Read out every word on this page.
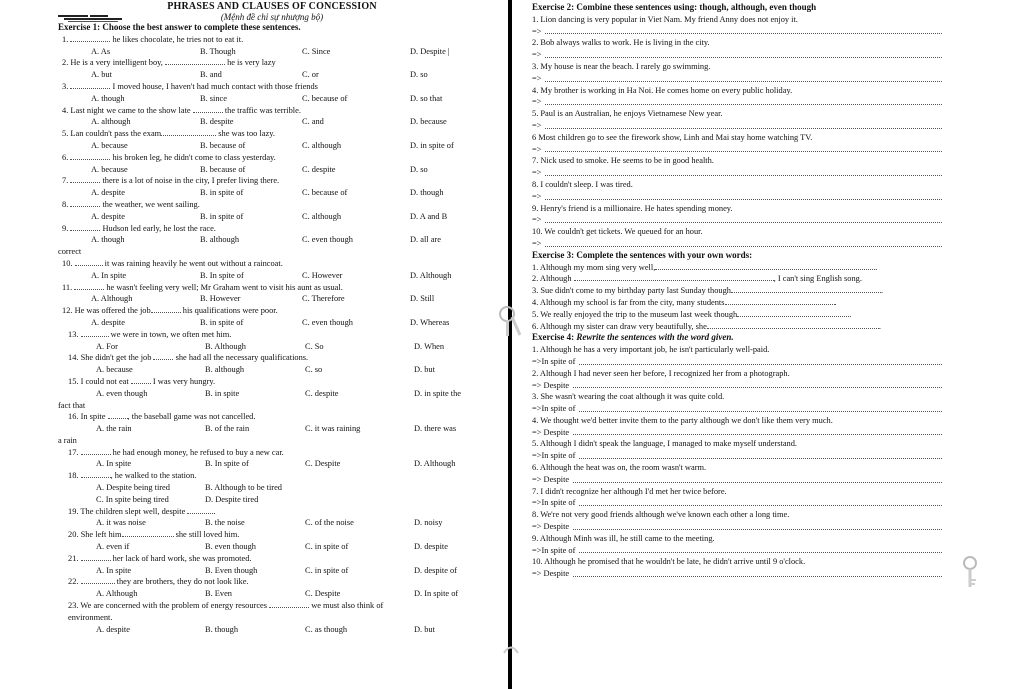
PHRASES AND CLAUSES OF CONCESSION
(Mệnh đề chỉ sự nhượng bộ)
Exercise 1: Choose the best answer to complete these sentences.
1.	he likes chocolate, he tries not to eat it.
A. As	B. Though	C. Since	D. Despite |
2. He is a very intelligent boy,	he is very lazy
A. but	B. and	C. or	D. so
3.	I moved house, I haven't had much contact with those friends
A. though	B. since	C. because of	D. so that
4. Last night we came to the show late	the traffic was terrible.
A. although	B. despite	C. and	D. because
5. Lan couldn't pass the exam	she was too lazy.
A. because	B. because of	C. although	D. in spite of
6.	his broken leg, he didn't come to class yesterday.
A. because	B. because of	C. despite	D. so
7.	there is a lot of noise in the city, I prefer living there.
A. despite	B. in spite of	C. because of	D. though
8.	the weather, we went sailing.
A. despite	B. in spite of	C. although	D. A and B
9.	Hudson led early, he lost the race.
A. though	B. although	C. even though	D. all are
correct
10.	it was raining heavily he went out without a raincoat.
A. In spite	B. In spite of	C. However	D. Although
11.	he wasn't feeling very well; Mr Graham went to visit his aunt as usual.
A. Although	B. However	C. Therefore	D. Still
12. He was offered the job	his qualifications were poor.
A. despite	B. in spite of	C. even though	D. Whereas
13.	we were in town, we often met him.
A. For	B. Although	C. So	D. When
14. She didn't get the job  she had all the necessary qualifications.
A. because	B. although	C. so	D. but
15. I could not eat  I was very hungry.
A. even though	B. in spite	C. despite	D. in spite the
fact that
16. In spite , the baseball game was not cancelled.
A. the rain	B. of the rain	C. it was raining	D. there was
a rain
17.	he had enough money, he refused to buy a new car.
A. In spite	B. In spite of	C. Despite	D. Although
18.	, he walked to the station.
A. Despite being tired	B. Although to be tired
C. In spite being tired	D. Despite tired
19. The children slept well, despite	.
A. it was noise	B. the noise	C. of the noise	D. noisy
20. She left him	she still loved him.
A. even if	B. even though	C. in spite of	D. despite
21.	her lack of hard work, she was promoted.
A. In spite	B. Even though	C. in spite of	D. despite of
22.	they are brothers, they do not look like.
A. Although	B. Even	C. Despite	D. In spite of
23. We are concerned with the problem of energy resources	we must also think of
environment.
A. despite	B. though	C. as though	D. but
Exercise 2: Combine these sentences using: though, although, even though
1. Lion dancing is very popular in Viet Nam. My friend Anny does not enjoy it.
=>
2. Bob always walks to work. He is living in the city.
=>
3. My house is near the beach. I rarely go swimming.
=>
4. My brother is working in Ha Noi. He comes home on every public holiday.
=>
5. Paul is an Australian, he enjoys Vietnamese New year.
=>
6 Most children go to see the firework show, Linh and Mai stay home watching TV.
=>
7. Nick used to smoke. He seems to be in good health.
=>
8. I couldn't sleep. I was tired.
=>
9. Henry's friend is a millionaire. He hates spending money.
=>
10. We couldn't get tickets. We queued for an hour.
=>
Exercise 3: Complete the sentences with your own words:
1. Although my mom sing very well,	.
2. Although	, I can't sing English song.
3. Sue didn't come to my birthday party last Sunday though	.
4. Although my school is far from the city, many students	.
5. We really enjoyed the trip to the museum last week though	.
6. Although my sister can draw very beautifully, she	.
Exercise 4: Rewrite the sentences with the word given.
1. Although he has a very important job, he isn't particularly well-paid.
=>In spite of
2. Although I had never seen her before, I recognized her from a photograph.
=> Despite
3. She wasn't wearing the coat although it was quite cold.
=>In spite of
4. We thought we'd better invite them to the party although we don't like them very much.
=> Despite
5. Although I didn't speak the language, I managed to make myself understand.
=>In spite of
6. Although the heat was on, the room wasn't warm.
=> Despite
7. I didn't recognize her although I'd met her twice before.
=>In spite of
8. We're not very good friends although we've known each other a long time.
=> Despite
9. Although Minh was ill, he still came to the meeting.
=>In spite of
10. Although he promised that he wouldn't be late, he didn't arrive until 9 o'clock.
=> Despite
